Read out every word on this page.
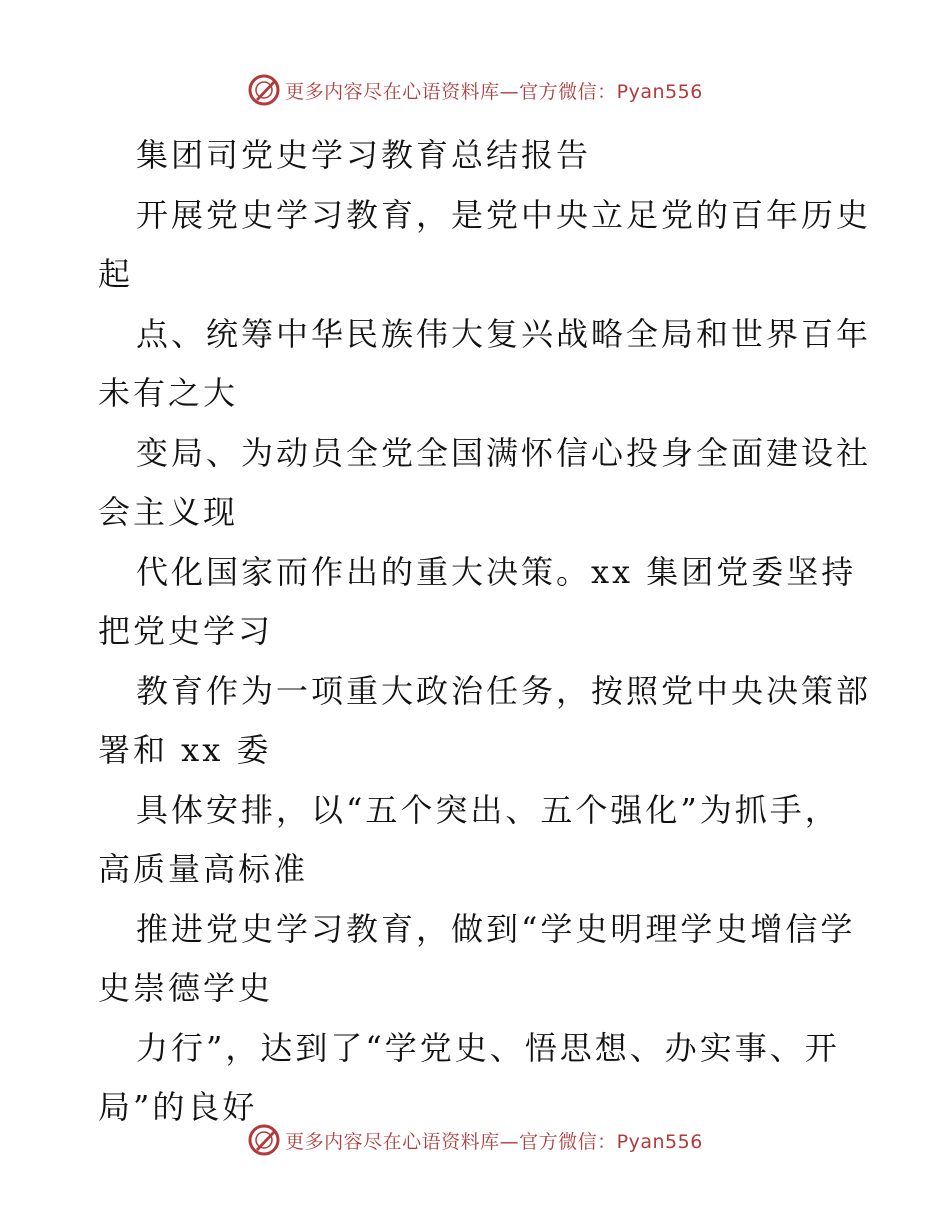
更多内容尽在心语资料库—官方微信：Pyan556

集团司党史学习教育总结报告

开展党史学习教育，是党中央立足党的百年历史

起

点、统筹中华民族伟大复兴战略全局和世界百年

未有之大

变局、为动员全党全国满怀信心投身全面建设社

会主义现

代化国家而作出的重大决策。xx 集团党委坚持

把党史学习

教育作为一项重大政治任务，按照党中央决策部

署和 xx 委

具体安排，以“五个突出、五个强化”为抓手，

高质量高标准

推进党史学习教育，做到“学史明理学史增信学

史崇德学史

力行”，达到了“学党史、悟思想、办实事、开

局”的良好

更多内容尽在心语资料库—官方微信：Pyan556
